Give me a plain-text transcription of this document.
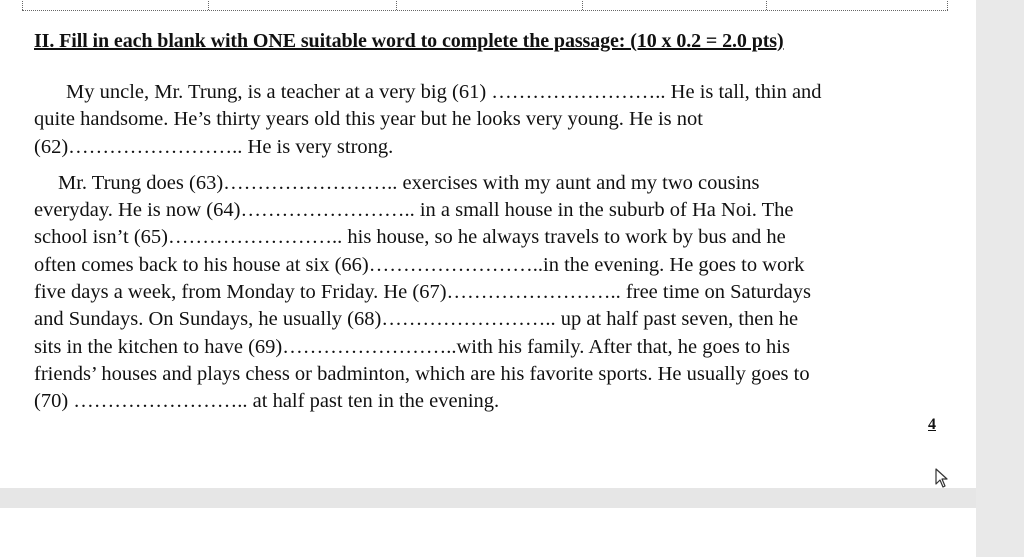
II. Fill in each blank with ONE suitable word to complete the passage: (10 x 0.2 = 2.0 pts)

My uncle, Mr. Trung, is a teacher at a very big (61) …………………….. He is tall, thin and
quite handsome. He’s thirty years old this year but he looks very young. He is not
(62)…………………….. He is very strong.

Mr. Trung does (63)…………………….. exercises with my aunt and my two cousins
everyday. He is now (64)…………………….. in a small house in the suburb of Ha Noi. The
school isn’t (65)…………………….. his house, so he always travels to work by bus and he
often comes back to his house at six (66)……………………..in the evening. He goes to work
five days a week, from Monday to Friday. He (67)…………………….. free time on Saturdays
and Sundays. On Sundays, he usually (68)…………………….. up at half past seven, then he
sits in the kitchen to have (69)……………………..with his family. After that, he goes to his
friends’ houses and plays chess or badminton, which are his favorite sports. He usually goes to
(70) …………………….. at half past ten in the evening.

4
